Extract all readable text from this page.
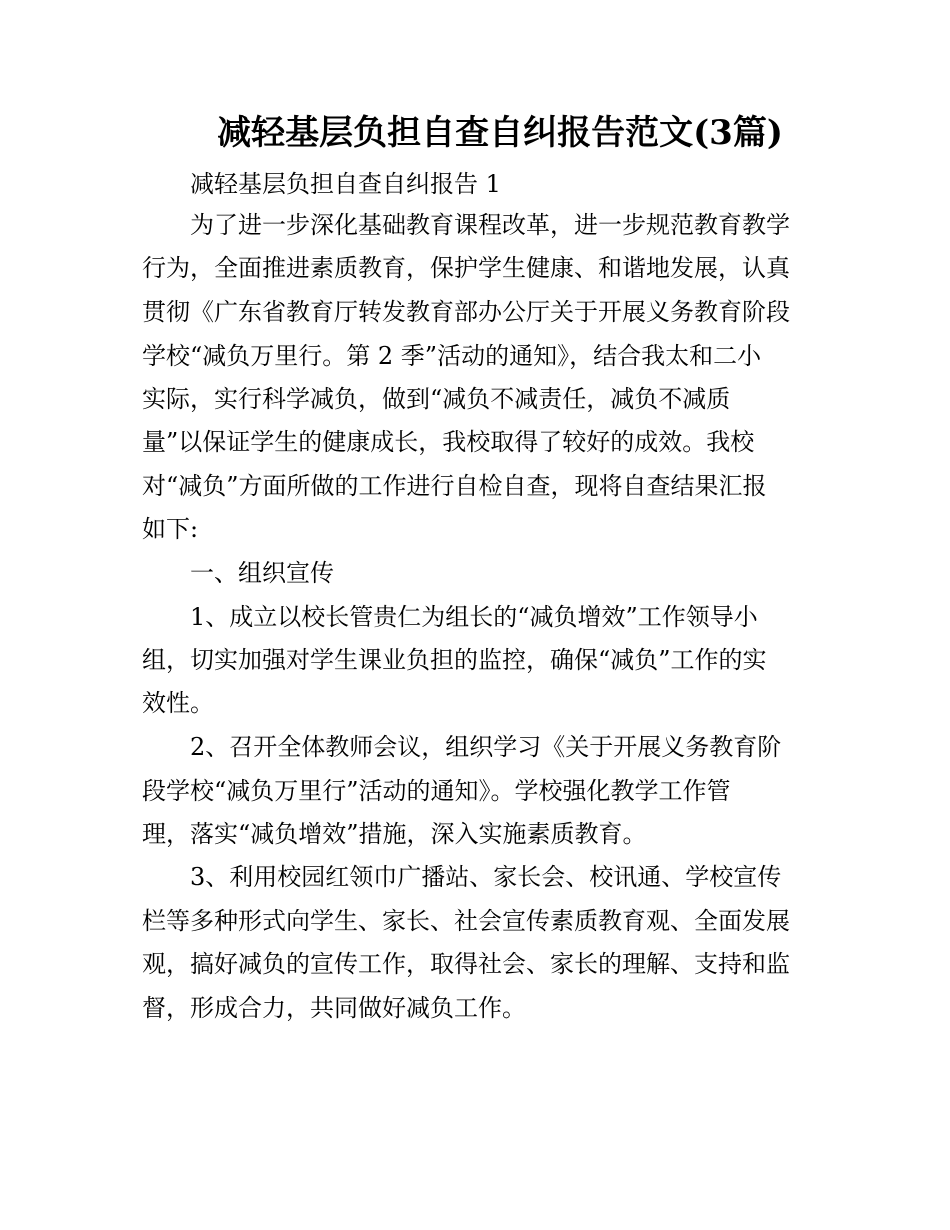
减轻基层负担自查自纠报告范文(3篇)
减轻基层负担自查自纠报告 1
为了进一步深化基础教育课程改革，进一步规范教育教学
行为，全面推进素质教育，保护学生健康、和谐地发展，认真
贯彻《广东省教育厅转发教育部办公厅关于开展义务教育阶段
学校“减负万里行。第 2 季”活动的通知》，结合我太和二小
实际，实行科学减负，做到“减负不减责任，减负不减质
量”以保证学生的健康成长，我校取得了较好的成效。我校
对“减负”方面所做的工作进行自检自查，现将自查结果汇报
如下:
一、组织宣传
1、成立以校长管贵仁为组长的“减负增效”工作领导小
组，切实加强对学生课业负担的监控，确保“减负”工作的实
效性。
2、召开全体教师会议，组织学习《关于开展义务教育阶
段学校“减负万里行”活动的通知》。学校强化教学工作管
理，落实“减负增效”措施，深入实施素质教育。
3、利用校园红领巾广播站、家长会、校讯通、学校宣传
栏等多种形式向学生、家长、社会宣传素质教育观、全面发展
观，搞好减负的宣传工作，取得社会、家长的理解、支持和监
督，形成合力，共同做好减负工作。
